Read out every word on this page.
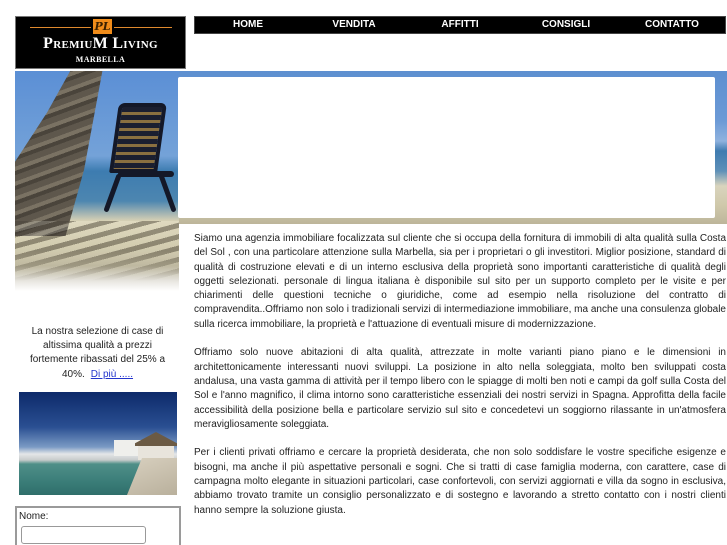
PL
PremiuM Living
MARBELLA
HOME	VENDITA	AFFITTI	CONSIGLI	CONTATTO

Siamo una agenzia immobiliare focalizzata sul cliente che si occupa della fornitura di immobili di alta qualità sulla Costa del Sol , con una particolare attenzione sulla Marbella, sia per i proprietari o gli investitori. Miglior posizione, standard di qualità di costruzione elevati e di un interno esclusiva della proprietà sono importanti caratteristiche di qualità degli oggetti selezionati. personale di lingua italiana è disponibile sul sito per un supporto completo per le visite e per chiarimenti delle questioni tecniche o giuridiche, come ad esempio nella risoluzione del contratto di compravendita..Offriamo non solo i tradizionali servizi di intermediazione immobiliare, ma anche una consulenza globale sulla ricerca immobiliare, la proprietà e l'attuazione di eventuali misure di modernizzazione.

Offriamo solo nuove abitazioni di alta qualità, attrezzate in molte varianti piano piano e le dimensioni in architettonicamente interessanti nuovi sviluppi. La posizione in alto nella soleggiata, molto ben sviluppati costa andalusa, una vasta gamma di attività per il tempo libero con le spiagge di molti ben noti e campi da golf sulla Costa del Sol e l'anno magnifico, il clima intorno sono caratteristiche essenziali dei nostri servizi in Spagna. Approfitta della facile accessibilità della posizione bella e particolare servizio sul sito e concedetevi un soggiorno rilassante in un'atmosfera meravigliosamente soleggiata.

Per i clienti privati offriamo e cercare la proprietà desiderata, che non solo soddisfare le vostre specifiche esigenze e bisogni, ma anche il più aspettative personali e sogni. Che si tratti di case famiglia moderna, con carattere, case di campagna molto elegante in situazioni particolari, case confortevoli, con servizi aggiornati e villa da sogno in esclusiva, abbiamo trovato tramite un consiglio personalizzato e di sostegno e lavorando a stretto contatto con i nostri clienti hanno sempre la soluzione giusta.

La nostra selezione di case di altissima qualità a prezzi fortemente ribassati del 25% a 40%. Di più .....
Nome:
